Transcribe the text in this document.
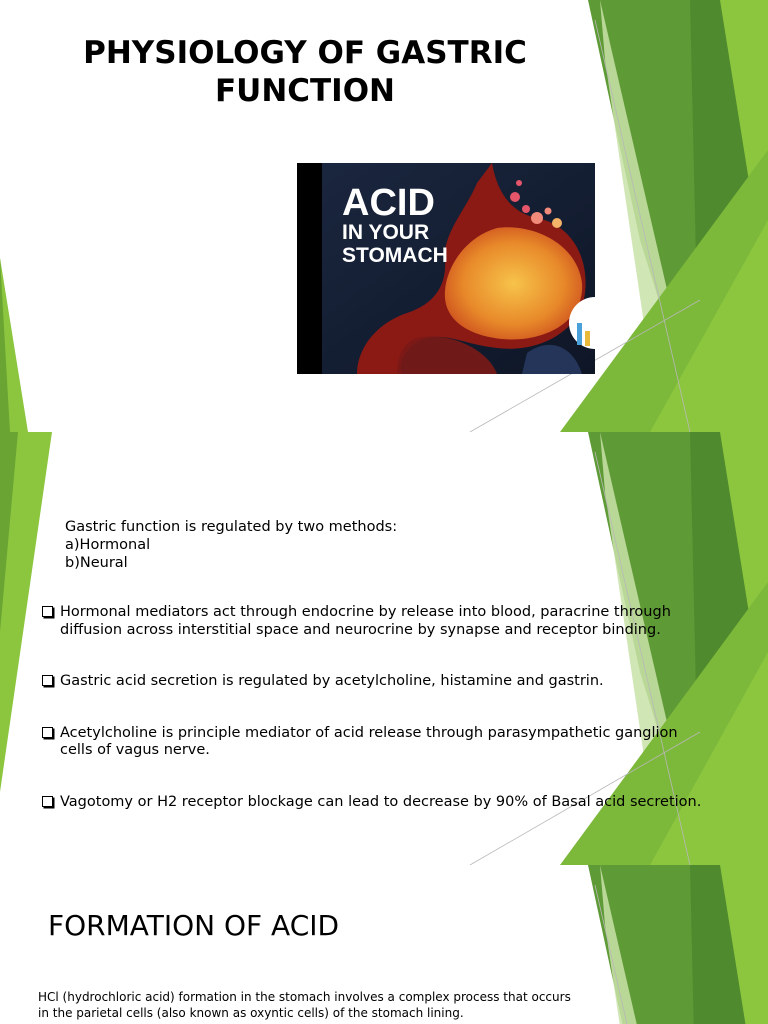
PHYSIOLOGY OF GASTRIC
FUNCTION
ACID
IN YOUR
STOMACH
Gastric function is regulated by two methods:
a)Hormonal
b)Neural
Hormonal mediators act through endocrine by release into blood, paracrine through
diffusion across interstitial space and neurocrine by synapse and receptor binding.
Gastric acid secretion is regulated by acetylcholine, histamine and gastrin.
Acetylcholine is principle mediator of acid release through parasympathetic ganglion
cells of vagus nerve.
Vagotomy or H2 receptor blockage can lead to decrease by 90% of Basal acid secretion.
FORMATION OF ACID

HCl (hydrochloric acid) formation in the stomach involves a complex process that occurs
in the parietal cells (also known as oxyntic cells) of the stomach lining.
